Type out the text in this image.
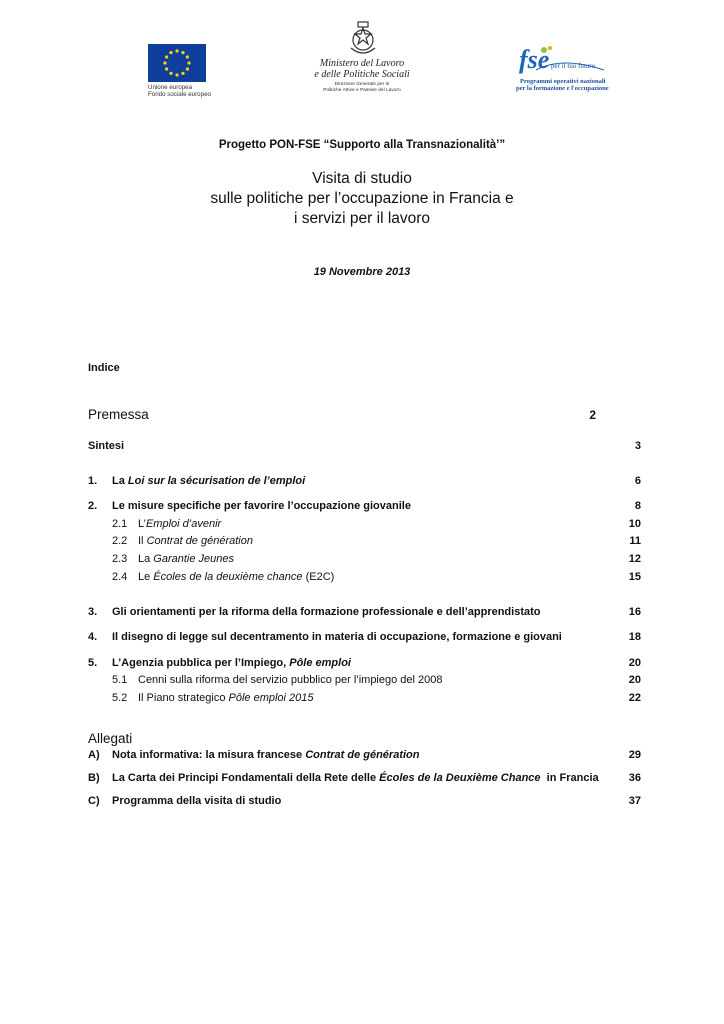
Unione europea
Fondo sociale europeo
Ministero del Lavoro
e delle Politiche Sociali
Direzione Generale per le
Politiche Attive e Passive del Lavoro
fse per il tuo futuro
Programmi operativi nazionali
per la formazione e l'occupazione
Progetto PON-FSE “Supporto alla Transnazionalità’”
Visita di studio
sulle politiche per l’occupazione in Francia e
i servizi per il lavoro
19 Novembre 2013
Indice
Premessa	2
Sintesi	3
1. La Loi sur la sécurisation de l’emploi	6
2. Le misure specifiche per favorire l’occupazione giovanile	8
2.1 L’Emploi d’avenir	10
2.2 Il Contrat de génération	11
2.3 La Garantie Jeunes	12
2.4 Le Écoles de la deuxième chance (E2C)	15
3. Gli orientamenti per la riforma della formazione professionale e dell’apprendistato	16
4. Il disegno di legge sul decentramento in materia di occupazione, formazione e giovani	18
5. L’Agenzia pubblica per l’Impiego, Pôle emploi	20
5.1 Cenni sulla riforma del servizio pubblico per l’impiego del 2008	20
5.2 Il Piano strategico Pôle emploi 2015	22
Allegati
A) Nota informativa: la misura francese Contrat de génération	29
B) La Carta dei Principi Fondamentali della Rete delle Écoles de la Deuxième Chance  in Francia	36
C) Programma della visita di studio	37
